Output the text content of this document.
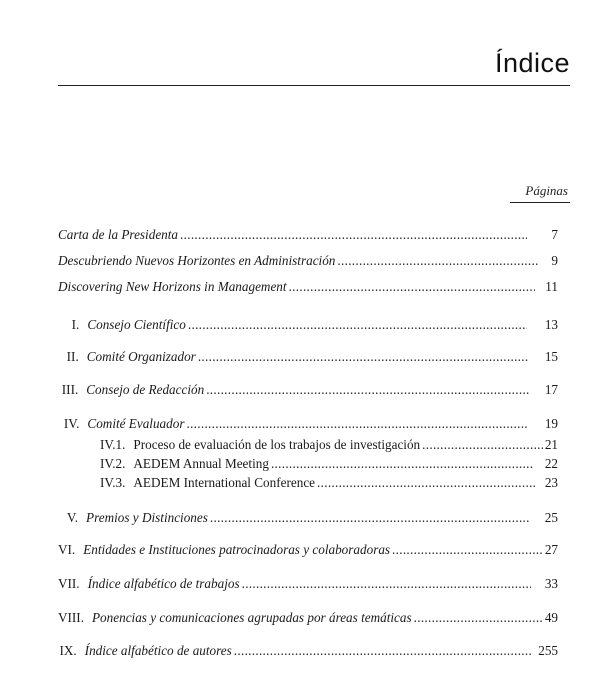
Índice
Páginas
Carta de la Presidenta . . .	7
Descubriendo Nuevos Horizontes en Administración . . .	9
Discovering New Horizons in Management . . .	11
I. Consejo Científico . . .	13
II. Comité Organizador . . .	15
III. Consejo de Redacción . . .	17
IV. Comité Evaluador . . .	19
IV.1. Proceso de evaluación de los trabajos de investigación . . .	21
IV.2. AEDEM Annual Meeting . . .	22
IV.3. AEDEM International Conference . . .	23
V. Premios y Distinciones . . .	25
VI. Entidades e Instituciones patrocinadoras y colaboradoras . . .	27
VII. Índice alfabético de trabajos . . .	33
VIII. Ponencias y comunicaciones agrupadas por áreas temáticas . . .	49
IX. Índice alfabético de autores . . .	255
